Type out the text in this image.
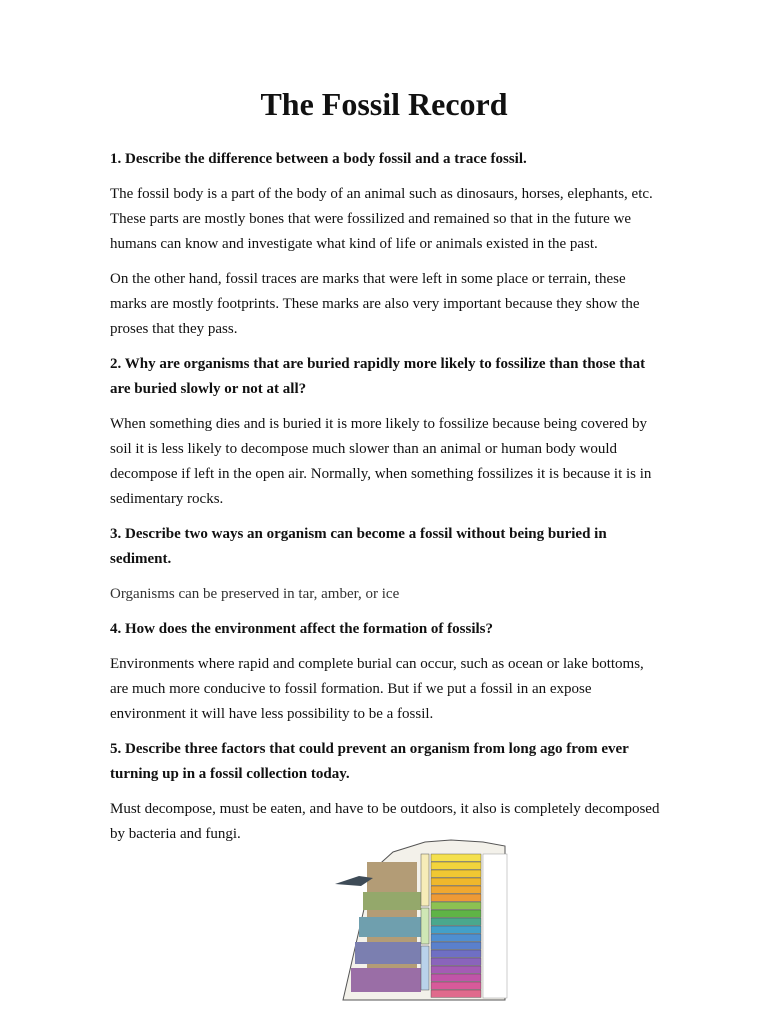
The Fossil Record

1. Describe the difference between a body fossil and a trace fossil.

The fossil body is a part of the body of an animal such as dinosaurs, horses, elephants, etc. These parts are mostly bones that were fossilized and remained so that in the future we humans can know and investigate what kind of life or animals existed in the past.

On the other hand, fossil traces are marks that were left in some place or terrain, these marks are mostly footprints. These marks are also very important because they show the proses that they pass.

2. Why are organisms that are buried rapidly more likely to fossilize than those that are buried slowly or not at all?

When something dies and is buried it is more likely to fossilize because being covered by soil it is less likely to decompose much slower than an animal or human body would decompose if left in the open air. Normally, when something fossilizes it is because it is in sedimentary rocks.

3. Describe two ways an organism can become a fossil without being buried in sediment.

Organisms can be preserved in tar, amber, or ice

4. How does the environment affect the formation of fossils?

Environments where rapid and complete burial can occur, such as ocean or lake bottoms, are much more conducive to fossil formation. But if we put a fossil in an expose environment it will have less possibility to be a fossil.

5. Describe three factors that could prevent an organism from long ago from ever turning up in a fossil collection today.

Must decompose, must be eaten, and have to be outdoors, it also is completely decomposed by bacteria and fungi.
